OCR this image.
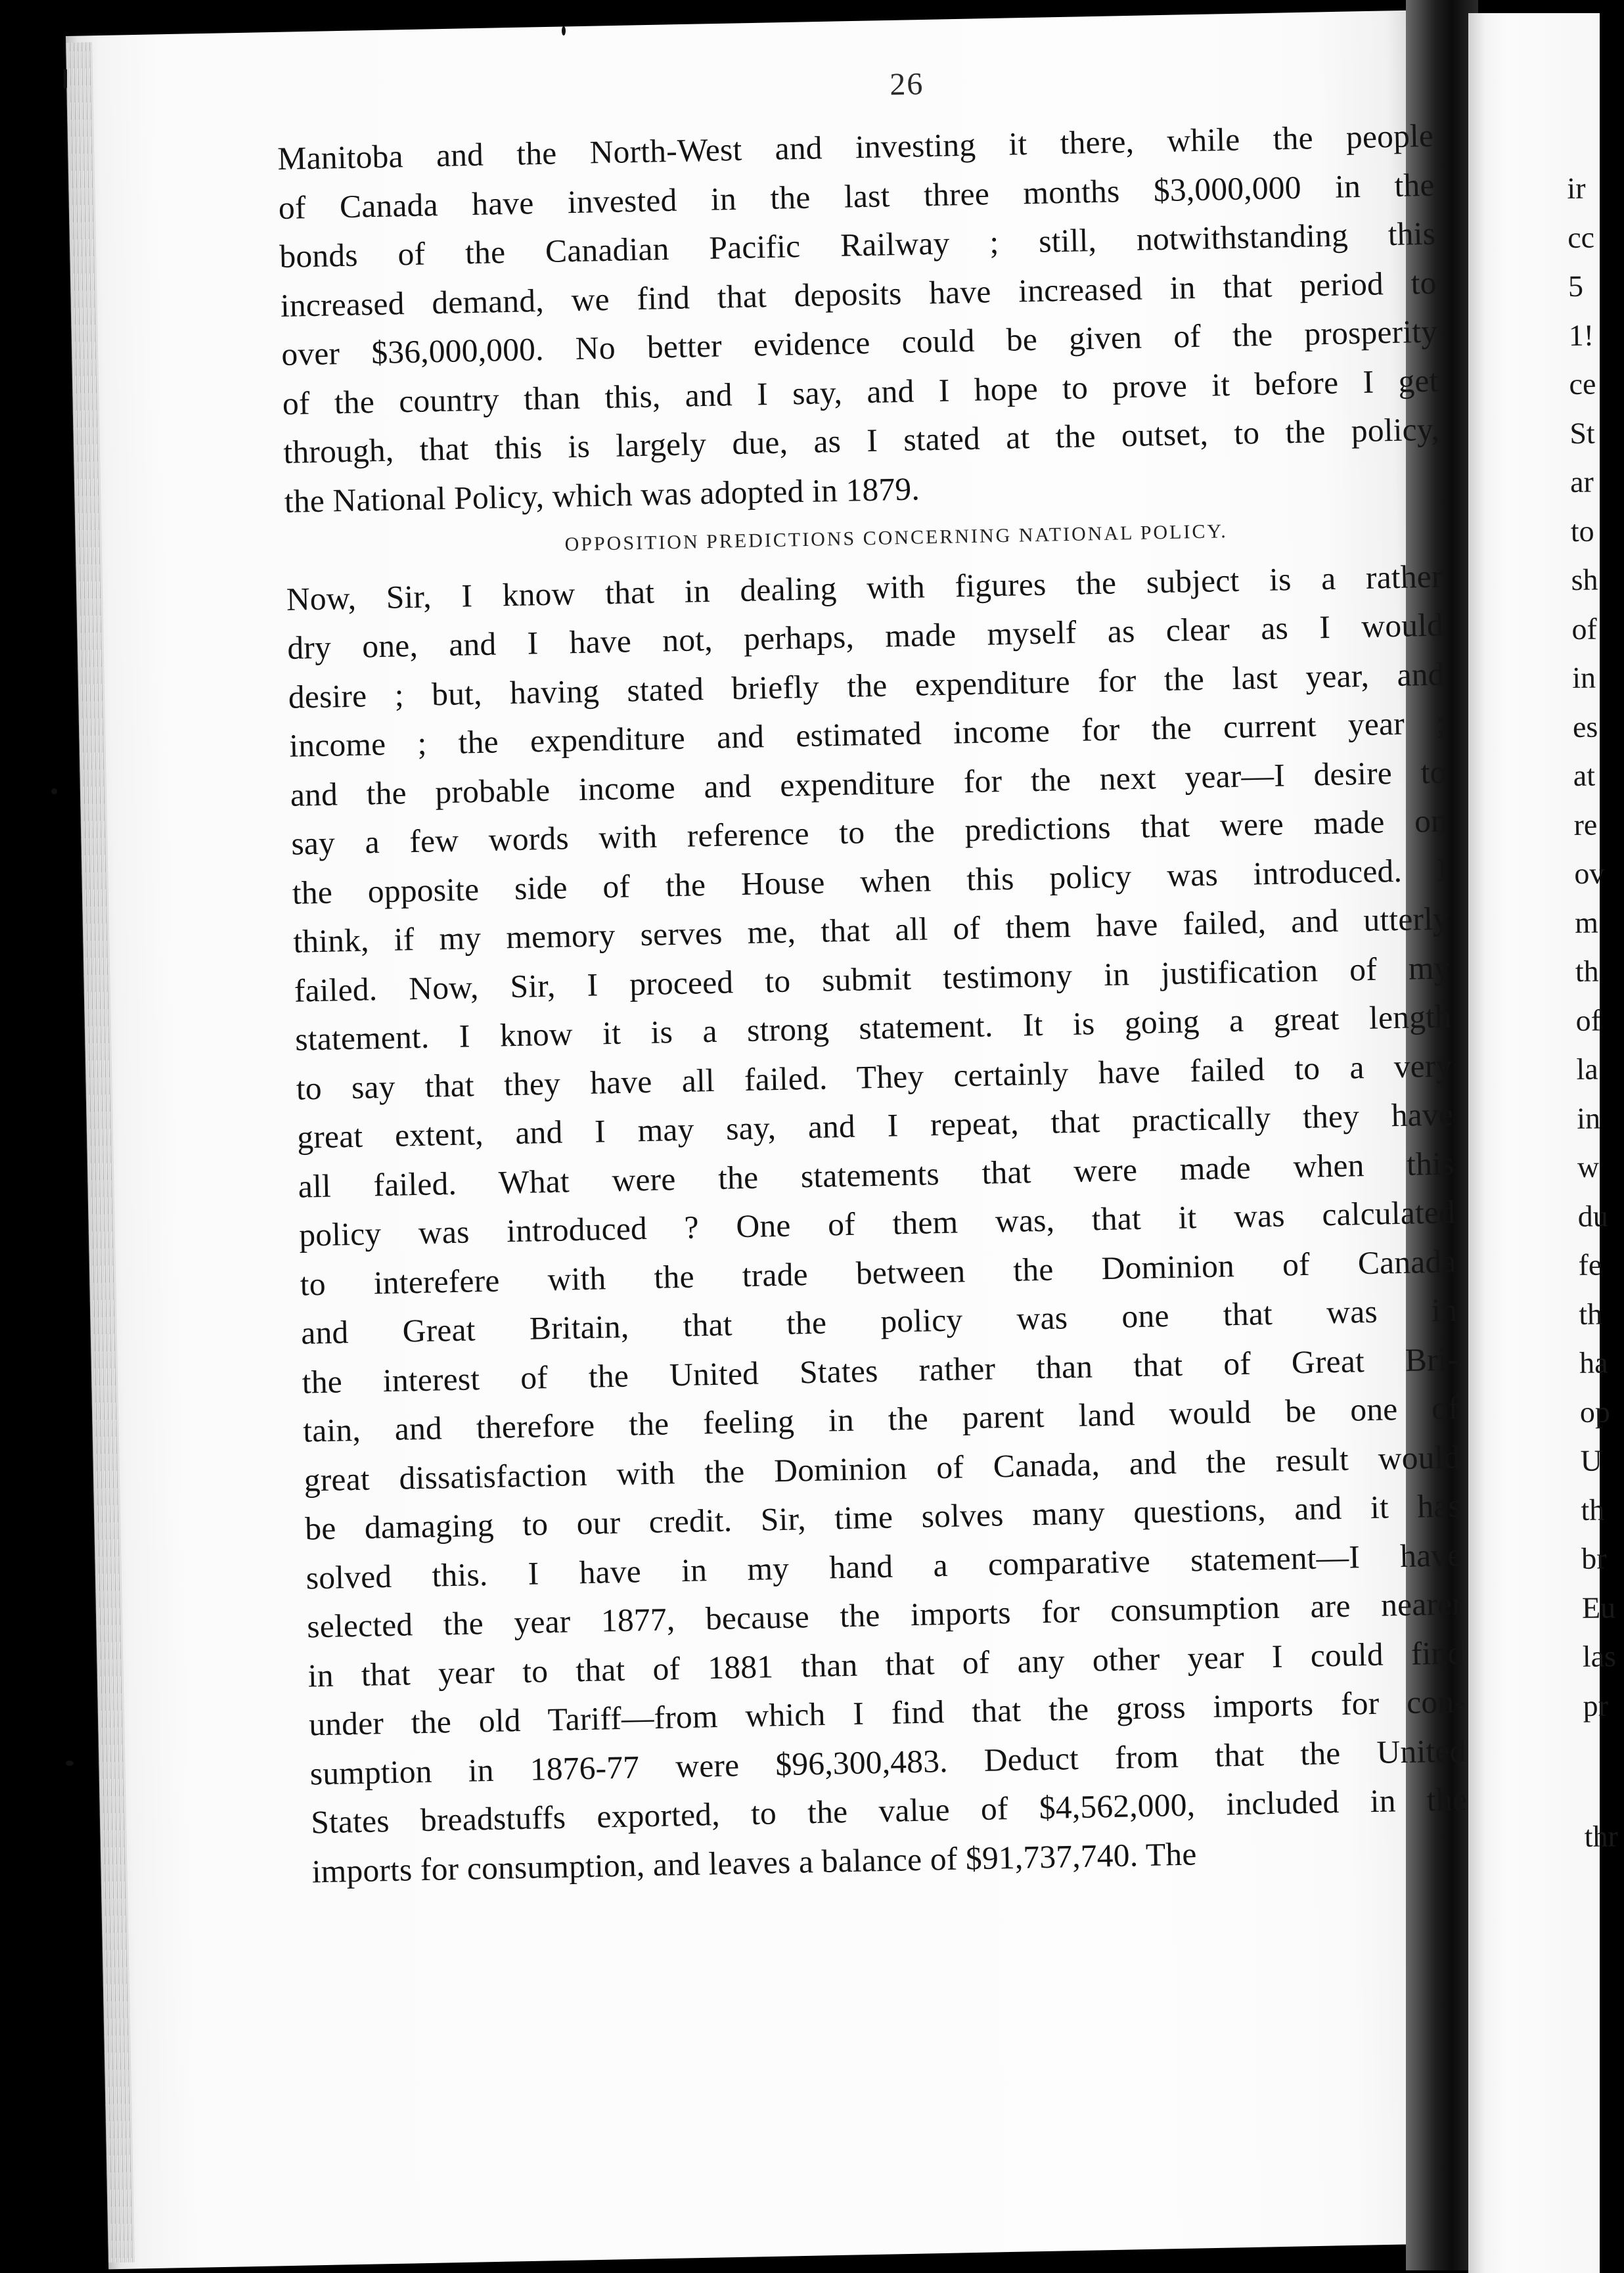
26
Manitoba and the North-West and investing it there, while the people
of Canada have invested in the last three months $3,000,000 in the
bonds of the Canadian Pacific Railway ; still, notwithstanding this
increased demand, we find that deposits have increased in that period to
over $36,000,000. No better evidence could be given of the prosperity
of the country than this, and I say, and I hope to prove it before I get
through, that this is largely due, as I stated at the outset, to the policy,
the National Policy, which was adopted in 1879.
OPPOSITION PREDICTIONS CONCERNING NATIONAL POLICY.
Now, Sir, I know that in dealing with figures the subject is a rather
dry one, and I have not, perhaps, made myself as clear as I would
desire ; but, having stated briefly the expenditure for the last year, and
income ; the expenditure and estimated income for the current year ;
and the probable income and expenditure for the next year—I desire to
say a few words with reference to the predictions that were made on
the opposite side of the House when this policy was introduced. I
think, if my memory serves me, that all of them have failed, and utterly
failed. Now, Sir, I proceed to submit testimony in justification of my
statement. I know it is a strong statement. It is going a great length
to say that they have all failed. They certainly have failed to a very
great extent, and I may say, and I repeat, that practically they have
all failed. What were the statements that were made when this
policy was introduced ? One of them was, that it was calculated
to interefere with the trade between the Dominion of Canada
and Great Britain, that the policy was one that was in
the interest of the United States rather than that of Great Bri-
tain, and therefore the feeling in the parent land would be one of
great dissatisfaction with the Dominion of Canada, and the result would
be damaging to our credit. Sir, time solves many questions, and it has
solved this. I have in my hand a comparative statement—I have
selected the year 1877, because the imports for consumption are nearer
in that year to that of 1881 than that of any other year I could find
under the old Tariff—from which I find that the gross imports for con-
sumption in 1876-77 were $96,300,483. Deduct from that the United
States breadstuffs exported, to the value of $4,562,000, included in the
imports for consumption, and leaves a balance of $91,737,740. The
ir
cc
5
1!
ce
St
ar
to
sh
of
in
es
at
re
ov
m
th
of
la
in
w
du
fe
th
ha
op
U
th
br
Eu
las
pr
thr
